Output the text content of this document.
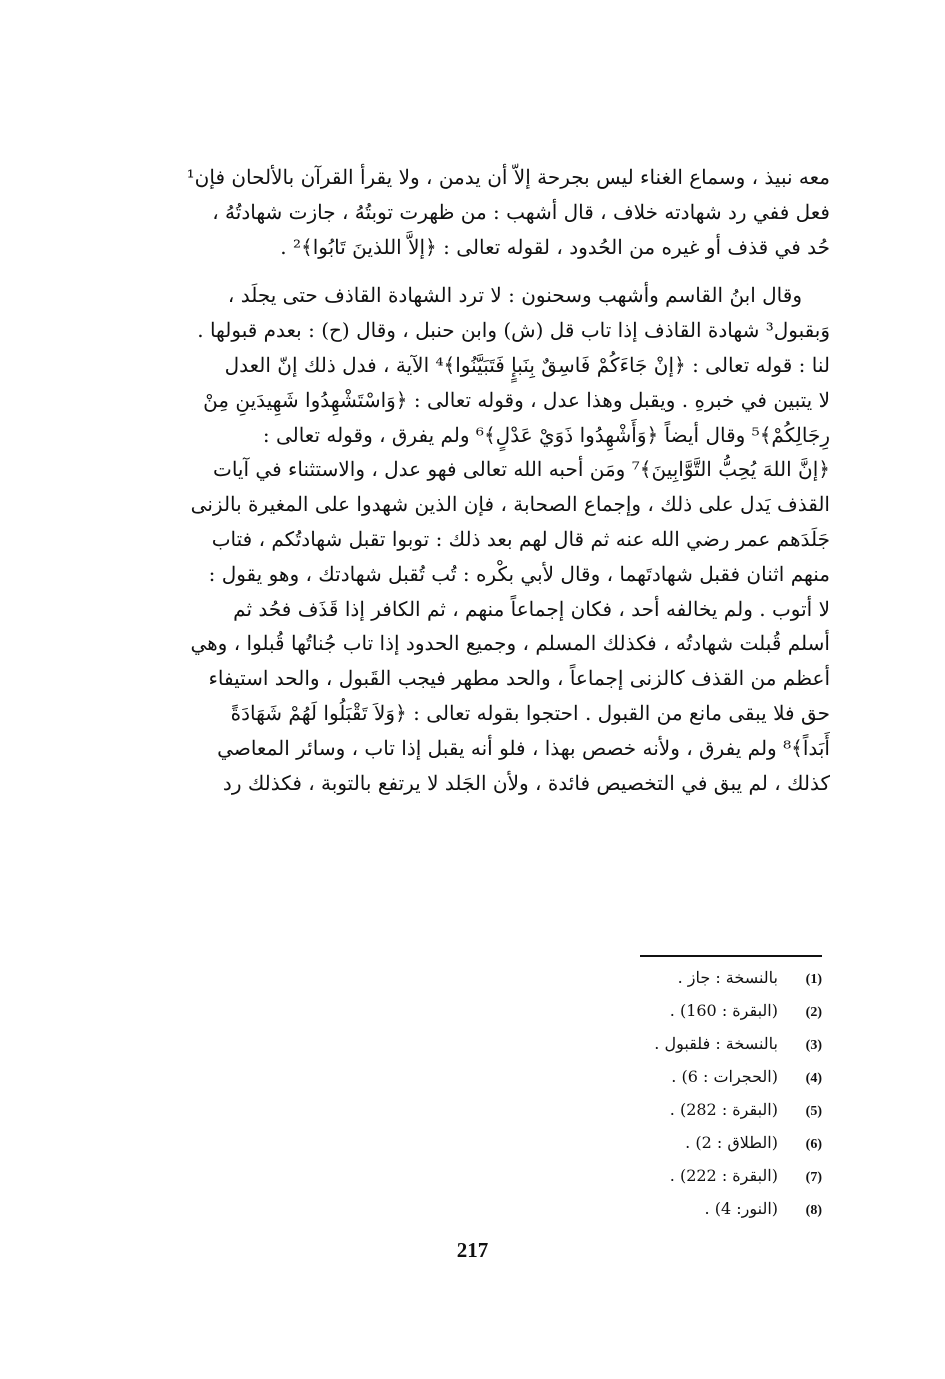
معه نبيذ ، وسماع الغناء ليس بجرحة إلاّ أن يدمن ، ولا يقرأ القرآن بالألحان فإن¹
فعل ففي رد شهادته خلاف ، قال أشهب : من ظهرت توبتُهُ ، جازت شهادتُهُ ،
حُد في قذف أو غيره من الحُدود ، لقوله تعالى : ﴿إلاَّ اللذينَ تَابُوا﴾² .

وقال ابنُ القاسم وأشهب وسحنون : لا ترد الشهادة القاذف حتى يجلَد ،
وَبقبول³ شهادة القاذف إذا تاب قل (ش) وابن حنبل ، وقال (ح) : بعدم قبولها .
لنا : قوله تعالى : ﴿إنْ جَاءَكُمْ فَاسِقٌ بِنَبإٍ فَتَبَيَّنُوا﴾⁴ الآية ، فدل ذلك إنّ العدل
لا يتبين في خبرهِ . ويقبل وهذا عدل ، وقوله تعالى : ﴿وَاسْتَشْهِدُوا شَهِيدَينِ مِنْ
رِجَالِكُمْ﴾⁵ وقال أيضاً ﴿وَأَشْهِدُوا ذَوَيْ عَدْلٍ﴾⁶ ولم يفرق ، وقوله تعالى :
﴿إنَّ اللهَ يُحِبُّ التَّوَّابِينَ﴾⁷ ومَن أحبه الله تعالى فهو عدل ، والاستثناء في آيات
القذف يَدل على ذلك ، وإجماع الصحابة ، فإن الذين شهدوا على المغيرة بالزنى
جَلَدَهم عمر رضي الله عنه ثم قال لهم بعد ذلك : توبوا تقبل شهادتُكم ، فتاب
منهم اثنان فقبل شهادتَهما ، وقال لأبي بكْره : تُب تُقبل شهادتك ، وهو يقول :
لا أتوب . ولم يخالفه أحد ، فكان إجماعاً منهم ، ثم الكافر إذا قَذَف فحُد ثم
أسلم قُبلت شهادتُه ، فكذلك المسلم ، وجميع الحدود إذا تاب جُناتُها قُبلوا ، وهي
أعظم من القذف كالزنى إجماعاً ، والحد مطهر فيجب القَبول ، والحد استيفاء
حق فلا يبقى مانع من القبول . احتجوا بقوله تعالى : ﴿وَلاَ تَقْبَلُوا لَهُمْ شَهَادَةً
أَبَداً﴾⁸ ولم يفرق ، ولأنه خصص بهذا ، فلو أنه يقبل إذا تاب ، وسائر المعاصي
كذلك ، لم يبق في التخصيص فائدة ، ولأن الجَلد لا يرتفع بالتوبة ، فكذلك رد

(1)
بالنسخة : جاز .
(2)
(البقرة : 160) .
(3)
بالنسخة : فلقبول .
(4)
(الحجرات : 6) .
(5)
(البقرة : 282) .
(6)
(الطلاق : 2) .
(7)
(البقرة : 222) .
(8)
(النور: 4) .
217
